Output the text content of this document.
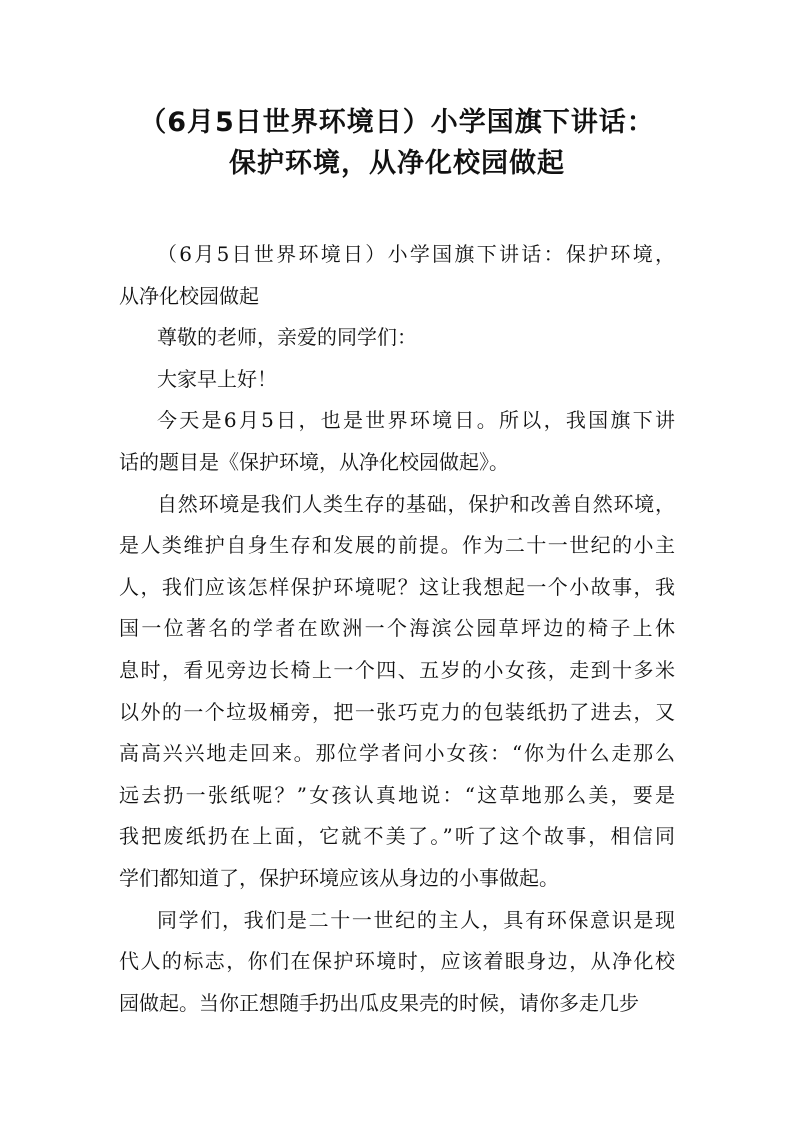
（6月5日世界环境日）小学国旗下讲话：
保护环境，从净化校园做起
（6月5日世界环境日）小学国旗下讲话：保护环境，
从净化校园做起
尊敬的老师，亲爱的同学们：
大家早上好！
今天是6月5日，也是世界环境日。所以，我国旗下讲
话的题目是《保护环境，从净化校园做起》。
自然环境是我们人类生存的基础，保护和改善自然环境，
是人类维护自身生存和发展的前提。作为二十一世纪的小主
人，我们应该怎样保护环境呢？这让我想起一个小故事，我
国一位著名的学者在欧洲一个海滨公园草坪边的椅子上休
息时，看见旁边长椅上一个四、五岁的小女孩，走到十多米
以外的一个垃圾桶旁，把一张巧克力的包装纸扔了进去，又
高高兴兴地走回来。那位学者问小女孩：“你为什么走那么
远去扔一张纸呢？”女孩认真地说：“这草地那么美，要是
我把废纸扔在上面，它就不美了。”听了这个故事，相信同
学们都知道了，保护环境应该从身边的小事做起。
同学们，我们是二十一世纪的主人，具有环保意识是现
代人的标志，你们在保护环境时，应该着眼身边，从净化校
园做起。当你正想随手扔出瓜皮果壳的时候，请你多走几步
